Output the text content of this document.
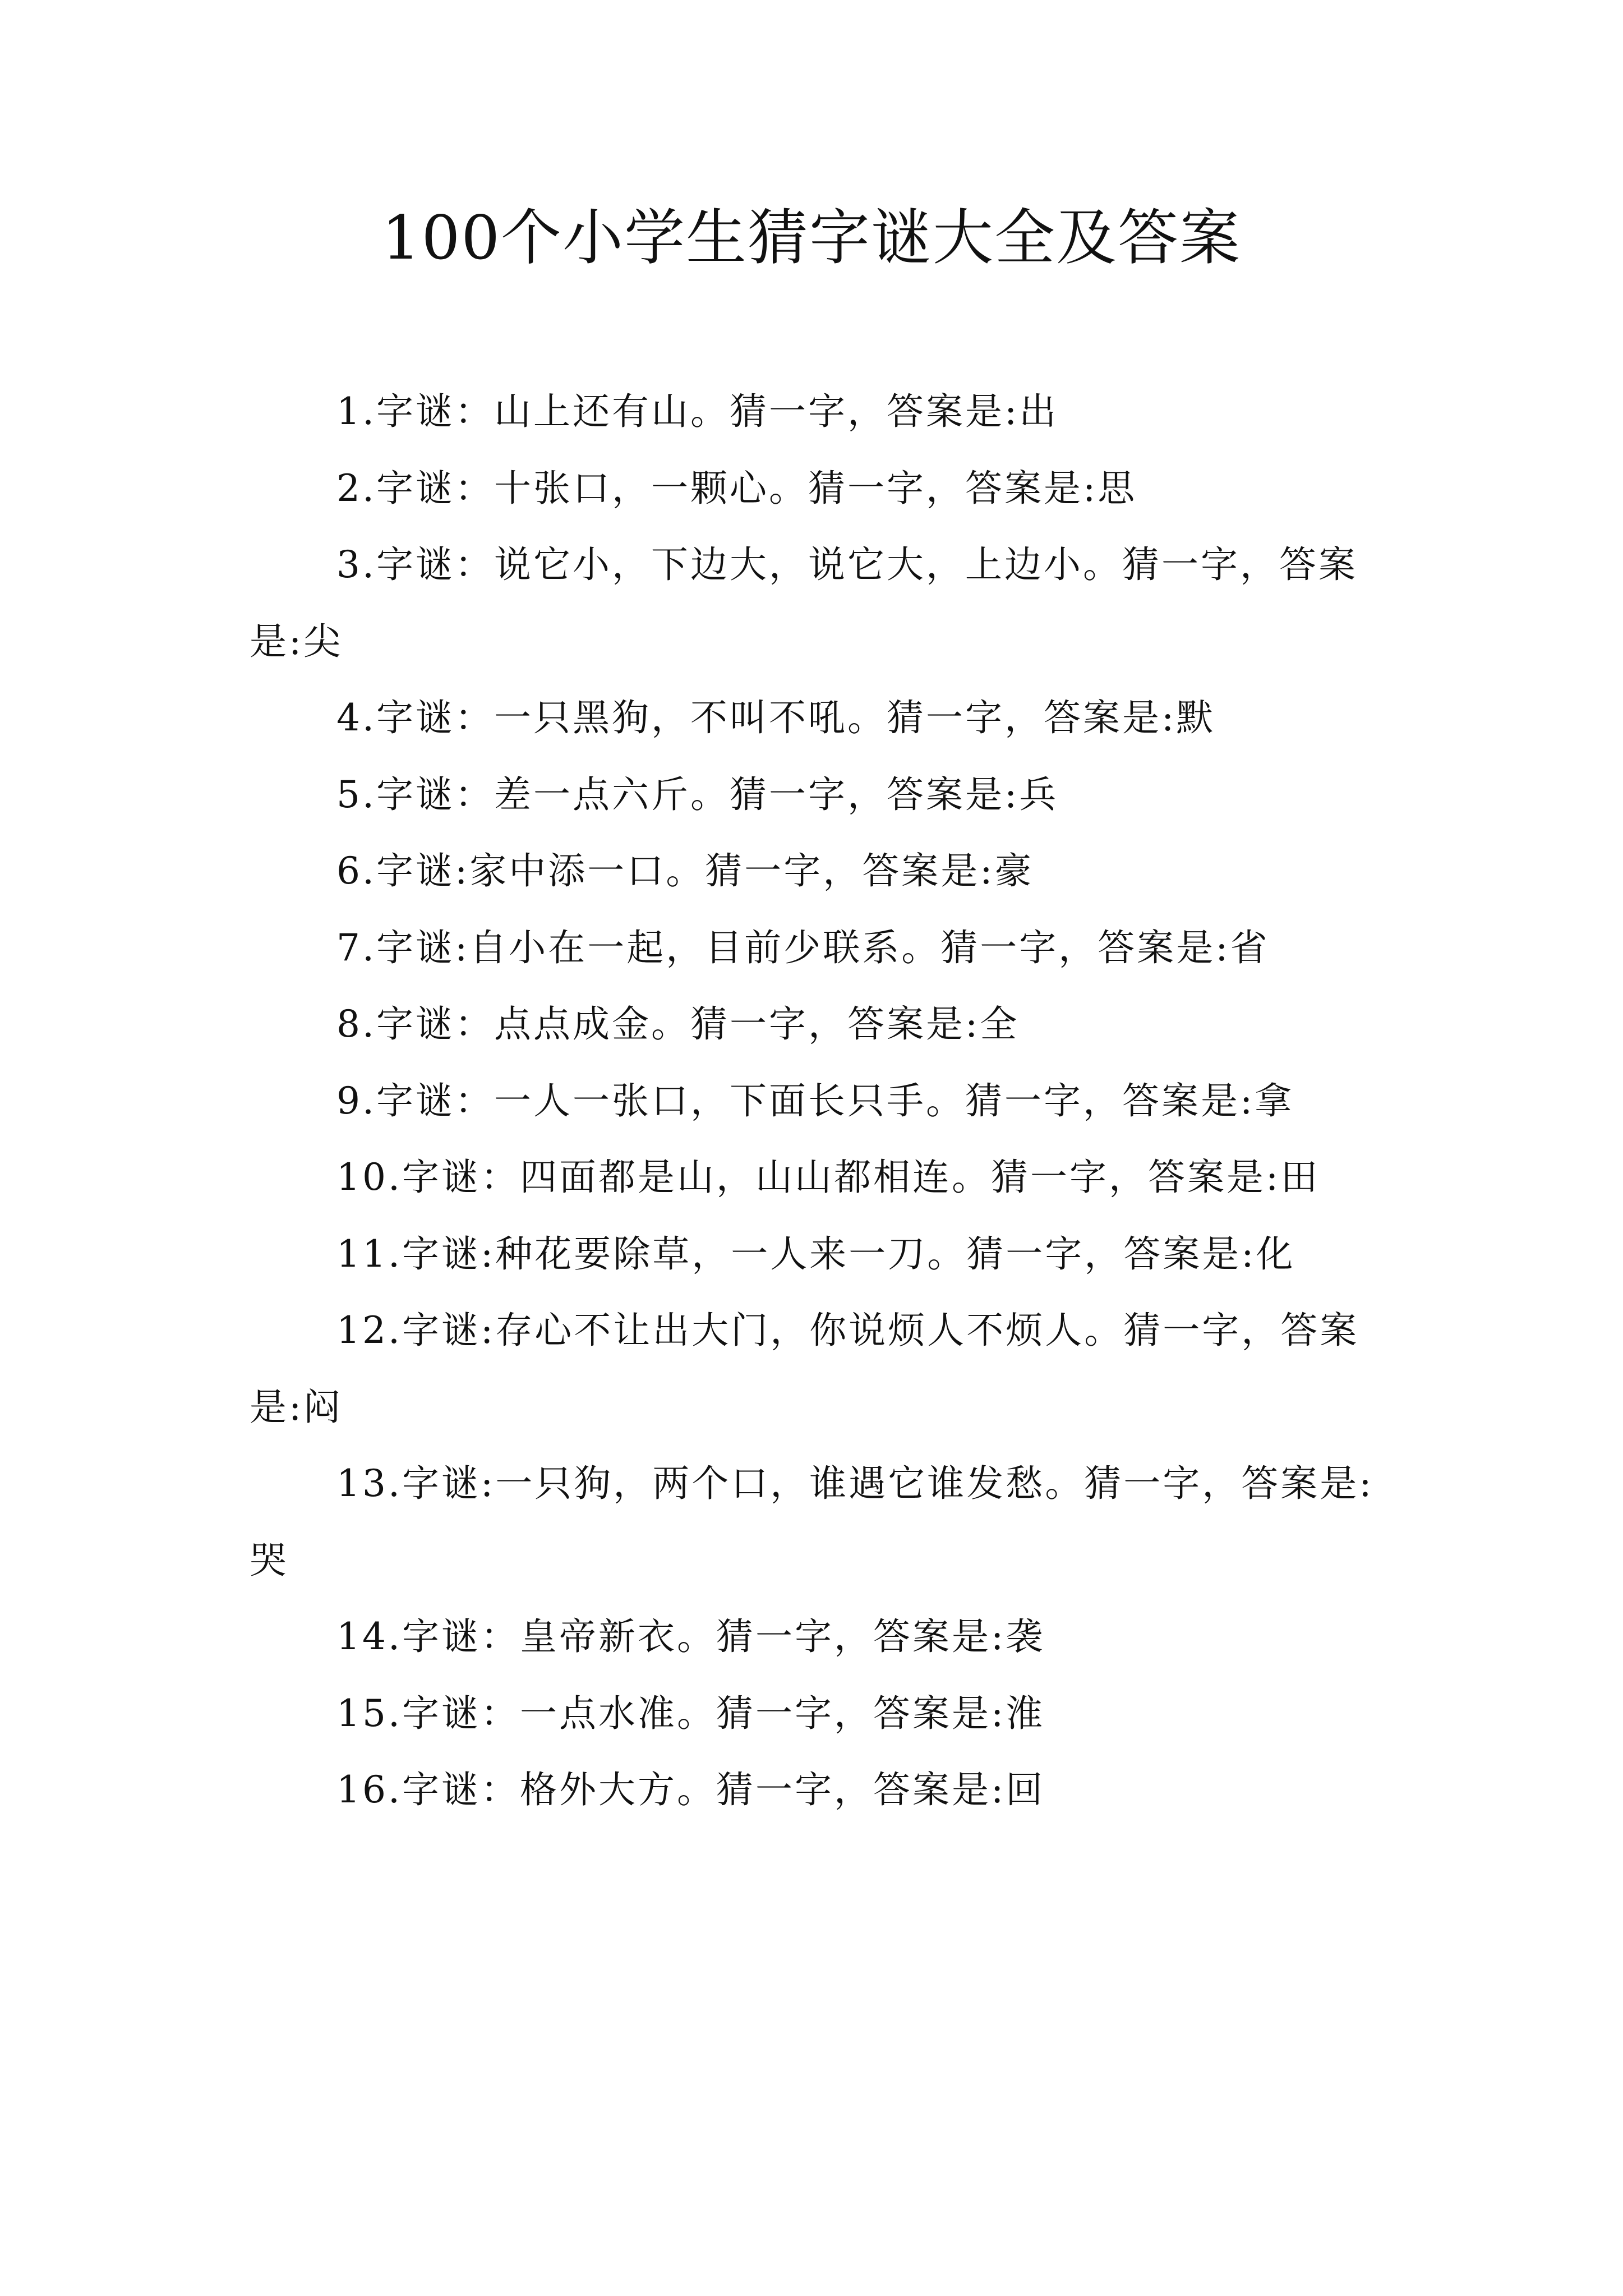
100个小学生猜字谜大全及答案

1.字谜：山上还有山。猜一字，答案是:出

2.字谜：十张口，一颗心。猜一字，答案是:思

3.字谜：说它小，下边大，说它大，上边小。猜一字，答案是:尖

4.字谜：一只黑狗，不叫不吼。猜一字，答案是:默

5.字谜：差一点六斤。猜一字，答案是:兵

6.字谜:家中添一口。猜一字，答案是:豪

7.字谜:自小在一起，目前少联系。猜一字，答案是:省

8.字谜：点点成金。猜一字，答案是:全

9.字谜：一人一张口，下面长只手。猜一字，答案是:拿

10.字谜：四面都是山，山山都相连。猜一字，答案是:田

11.字谜:种花要除草，一人来一刀。猜一字，答案是:化

12.字谜:存心不让出大门，你说烦人不烦人。猜一字，答案是:闷

13.字谜:一只狗，两个口，谁遇它谁发愁。猜一字，答案是:哭

14.字谜：皇帝新衣。猜一字，答案是:袭

15.字谜：一点水准。猜一字，答案是:淮

16.字谜：格外大方。猜一字，答案是:回
